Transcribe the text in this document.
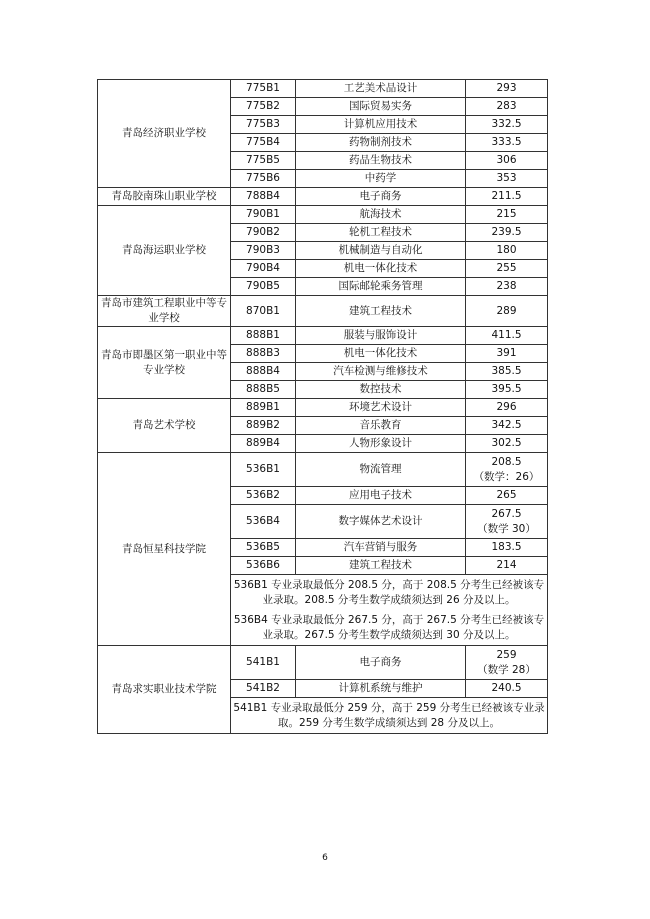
青岛经济职业学校	775B1	工艺美术品设计	293

	775B2	国际贸易实务	283

	775B3	计算机应用技术	332.5

	775B4	药物制剂技术	333.5

	775B5	药品生物技术	306

	775B6	中药学	353

青岛胶南珠山职业学校	788B4	电子商务	211.5

青岛海运职业学校	790B1	航海技术	215

	790B2	轮机工程技术	239.5

	790B3	机械制造与自动化	180

	790B4	机电一体化技术	255

	790B5	国际邮轮乘务管理	238

青岛市建筑工程职业中等专业学校	870B1	建筑工程技术	289

青岛市即墨区第一职业中等专业学校	888B1	服装与服饰设计	411.5

	888B3	机电一体化技术	391

	888B4	汽车检测与维修技术	385.5

	888B5	数控技术	395.5

青岛艺术学校	889B1	环境艺术设计	296

	889B2	音乐教育	342.5

	889B4	人物形象设计	302.5

青岛恒星科技学院	536B1	物流管理	208.5
（数学：26）

	536B2	应用电子技术	265

	536B4	数字媒体艺术设计	267.5
（数学 30）

	536B5	汽车营销与服务	183.5

	536B6	建筑工程技术	214

	536B1 专业录取最低分 208.5 分，高于 208.5 分考生已经被该专业录取。208.5 分考生数学成绩须达到 26 分及以上。		
	536B4 专业录取最低分 267.5 分，高于 267.5 分考生已经被该专业录取。267.5 分考生数学成绩须达到 30 分及以上。		
青岛求实职业技术学院	541B1	电子商务	259
（数学 28）

	541B2	计算机系统与维护	240.5

	541B1 专业录取最低分 259 分，高于 259 分考生已经被该专业录取。259 分考生数学成绩须达到 28 分及以上。		
6
